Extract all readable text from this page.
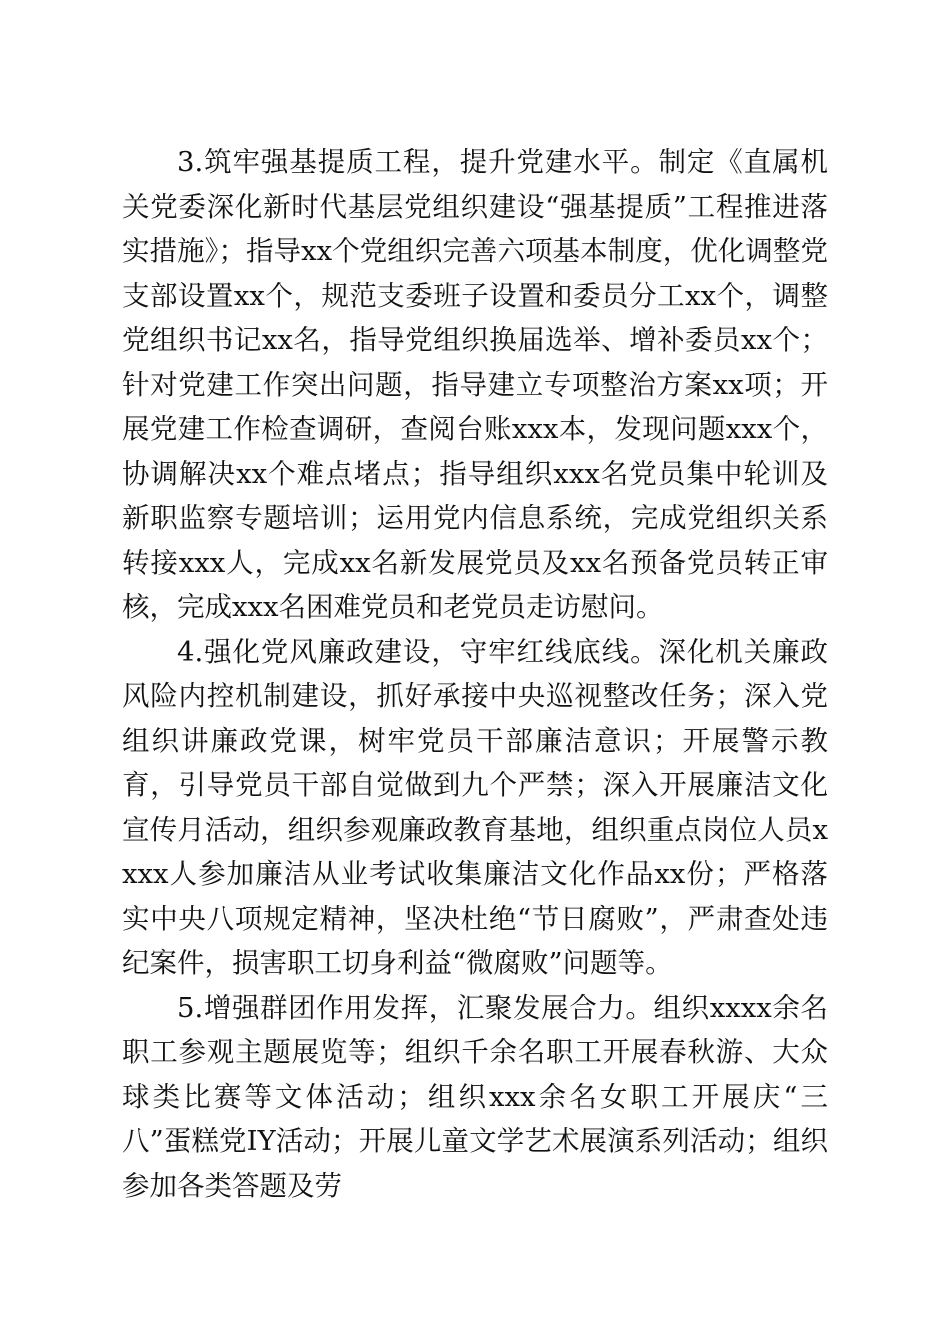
3.筑牢强基提质工程，提升党建水平。制定《直属机关党委深化新时代基层党组织建设“强基提质”工程推进落实措施》；指导xx个党组织完善六项基本制度，优化调整党支部设置xx个，规范支委班子设置和委员分工xx个，调整党组织书记xx名，指导党组织换届选举、增补委员xx个；针对党建工作突出问题，指导建立专项整治方案xx项；开展党建工作检查调研，查阅台账xxx本，发现问题xxx个，协调解决xx个难点堵点；指导组织xxx名党员集中轮训及新职监察专题培训；运用党内信息系统，完成党组织关系转接xxx人，完成xx名新发展党员及xx名预备党员转正审核，完成xxx名困难党员和老党员走访慰问。

4.强化党风廉政建设，守牢红线底线。深化机关廉政风险内控机制建设，抓好承接中央巡视整改任务；深入党组织讲廉政党课，树牢党员干部廉洁意识；开展警示教育，引导党员干部自觉做到九个严禁；深入开展廉洁文化宣传月活动，组织参观廉政教育基地，组织重点岗位人员xxxx人参加廉洁从业考试收集廉洁文化作品xx份；严格落实中央八项规定精神，坚决杜绝“节日腐败”，严肃查处违纪案件，损害职工切身利益“微腐败”问题等。

5.增强群团作用发挥，汇聚发展合力。组织xxxx余名职工参观主题展览等；组织千余名职工开展春秋游、大众球类比赛等文体活动；组织xxx余名女职工开展庆“三八”蛋糕党IY活动；开展儿童文学艺术展演系列活动；组织参加各类答题及劳
